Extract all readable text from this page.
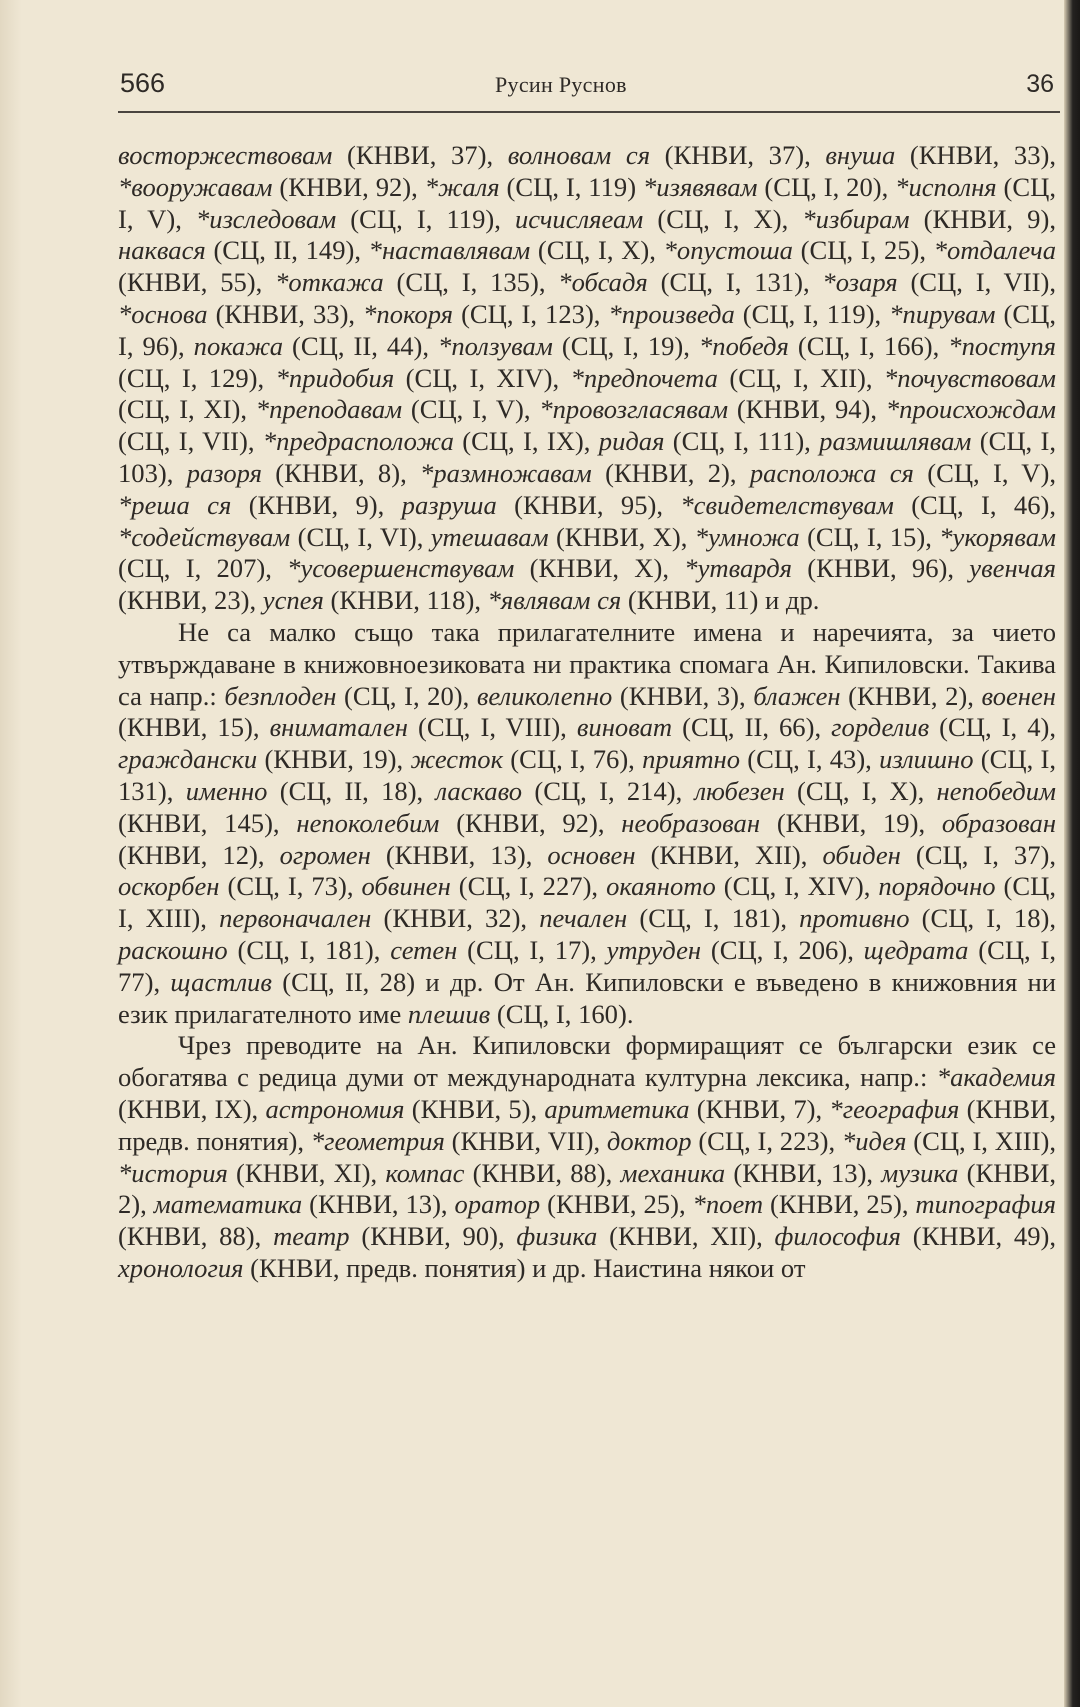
566	Русин Руснов	36

восторжествовам (КНВИ, 37), волновам ся (КНВИ, 37), внуша (КНВИ, 33), *вооружавам (КНВИ, 92), *жаля (СЦ, I, 119) *изявявам (СЦ, I, 20), *исполня (СЦ, I, V), *изследовам (СЦ, I, 119), исчисляеам (СЦ, I, X), *избирам (КНВИ, 9), наквася (СЦ, II, 149), *наставлявам (СЦ, I, X), *опустоша (СЦ, I, 25), *отдалеча (КНВИ, 55), *откажа (СЦ, I, 135), *обсадя (СЦ, I, 131), *озаря (СЦ, I, VII), *основа (КНВИ, 33), *покоря (СЦ, I, 123), *произведа (СЦ, I, 119), *пирувам (СЦ, I, 96), покажа (СЦ, II, 44), *ползувам (СЦ, I, 19), *победя (СЦ, I, 166), *поступя (СЦ, I, 129), *придобия (СЦ, I, XIV), *предпочета (СЦ, I, XII), *почувствовам (СЦ, I, XI), *преподавам (СЦ, I, V), *провозгласявам (КНВИ, 94), *происхождам (СЦ, I, VII), *предрасположа (СЦ, I, IX), ридая (СЦ, I, 111), размишлявам (СЦ, I, 103), разоря (КНВИ, 8), *размножавам (КНВИ, 2), расположа ся (СЦ, I, V), *реша ся (КНВИ, 9), разруша (КНВИ, 95), *свидетелствувам (СЦ, I, 46), *содействувам (СЦ, I, VI), утешавам (КНВИ, X), *умножа (СЦ, I, 15), *укорявам (СЦ, I, 207), *усовершенствувам (КНВИ, X), *утвардя (КНВИ, 96), увенчая (КНВИ, 23), успея (КНВИ, 118), *являвам ся (КНВИ, 11) и др.

Не са малко също така прилагателните имена и наречията, за чието утвърждаване в книжовноезиковата ни практика спомага Ан. Кипиловски. Такива са напр.: безплоден (СЦ, I, 20), великолепно (КНВИ, 3), блажен (КНВИ, 2), военен (КНВИ, 15), вниматален (СЦ, I, VIII), виноват (СЦ, II, 66), горделив (СЦ, I, 4), граждански (КНВИ, 19), жесток (СЦ, I, 76), приятно (СЦ, I, 43), излишно (СЦ, I, 131), именно (СЦ, II, 18), ласкаво (СЦ, I, 214), любезен (СЦ, I, X), непобедим (КНВИ, 145), непоколебим (КНВИ, 92), необразован (КНВИ, 19), образован (КНВИ, 12), огромен (КНВИ, 13), основен (КНВИ, XII), обиден (СЦ, I, 37), оскорбен (СЦ, I, 73), обвинен (СЦ, I, 227), окаяното (СЦ, I, XIV), порядочно (СЦ, I, XIII), первоначален (КНВИ, 32), печален (СЦ, I, 181), противно (СЦ, I, 18), раскошно (СЦ, I, 181), сетен (СЦ, I, 17), утруден (СЦ, I, 206), щедрата (СЦ, I, 77), щастлив (СЦ, II, 28) и др. От Ан. Кипиловски е въведено в книжовния ни език прилагателното име плешив (СЦ, I, 160).

Чрез преводите на Ан. Кипиловски формиращият се български език се обогатява с редица думи от международната културна лексика, напр.: *академия (КНВИ, IX), астрономия (КНВИ, 5), аритметика (КНВИ, 7), *география (КНВИ, предв. понятия), *геометрия (КНВИ, VII), доктор (СЦ, I, 223), *идея (СЦ, I, XIII), *история (КНВИ, XI), компас (КНВИ, 88), механика (КНВИ, 13), музика (КНВИ, 2), математика (КНВИ, 13), оратор (КНВИ, 25), *поет (КНВИ, 25), типография (КНВИ, 88), театр (КНВИ, 90), физика (КНВИ, XII), философия (КНВИ, 49), хронология (КНВИ, предв. понятия) и др. Наистина някои от
